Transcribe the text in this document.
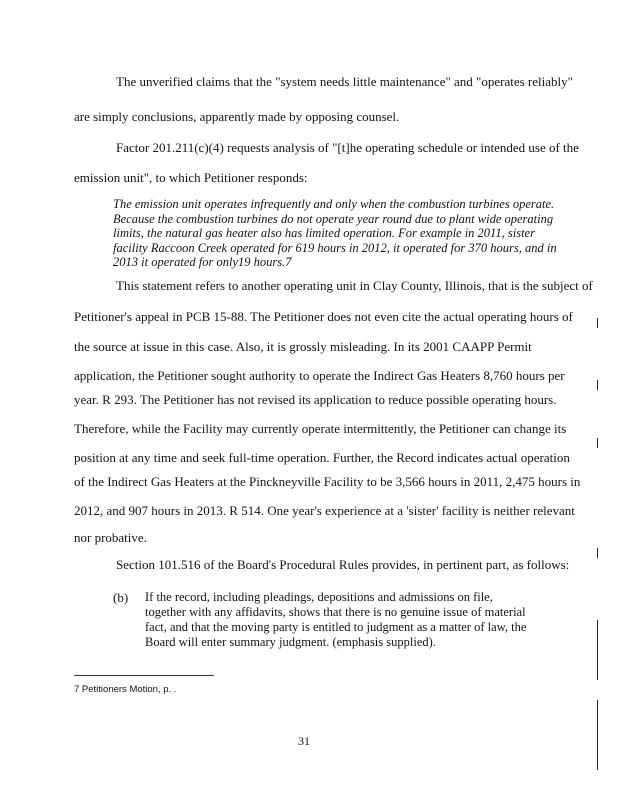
The unverified claims that the "system needs little maintenance" and "operates reliably"
are simply conclusions, apparently made by opposing counsel.
Factor 201.211(c)(4) requests analysis of "[t]he operating schedule or intended use of the
emission unit", to which Petitioner responds:
The emission unit operates infrequently and only when the combustion turbines operate.
Because the combustion turbines do not operate year round due to plant wide operating
limits, the natural gas heater also has limited operation. For example in 2011, sister
facility Raccoon Creek operated for 619 hours in 2012, it operated for 370 hours, and in
2013 it operated for only19 hours.7
This statement refers to another operating unit in Clay County, Illinois, that is the subject of
Petitioner's appeal in PCB 15-88. The Petitioner does not even cite the actual operating hours of
the source at issue in this case. Also, it is grossly misleading. In its 2001 CAAPP Permit
application, the Petitioner sought authority to operate the Indirect Gas Heaters 8,760 hours per
year. R 293. The Petitioner has not revised its application to reduce possible operating hours.
Therefore, while the Facility may currently operate intermittently, the Petitioner can change its
position at any time and seek full-time operation. Further, the Record indicates actual operation
of the Indirect Gas Heaters at the Pinckneyville Facility to be 3,566 hours in 2011, 2,475 hours in
2012, and 907 hours in 2013. R 514. One year's experience at a 'sister' facility is neither relevant
nor probative.
Section 101.516 of the Board's Procedural Rules provides, in pertinent part, as follows:
(b) If the record, including pleadings, depositions and admissions on file,
together with any affidavits, shows that there is no genuine issue of material
fact, and that the moving party is entitled to judgment as a matter of law, the
Board will enter summary judgment. (emphasis supplied).
7 Petitioners Motion, p. .
31
